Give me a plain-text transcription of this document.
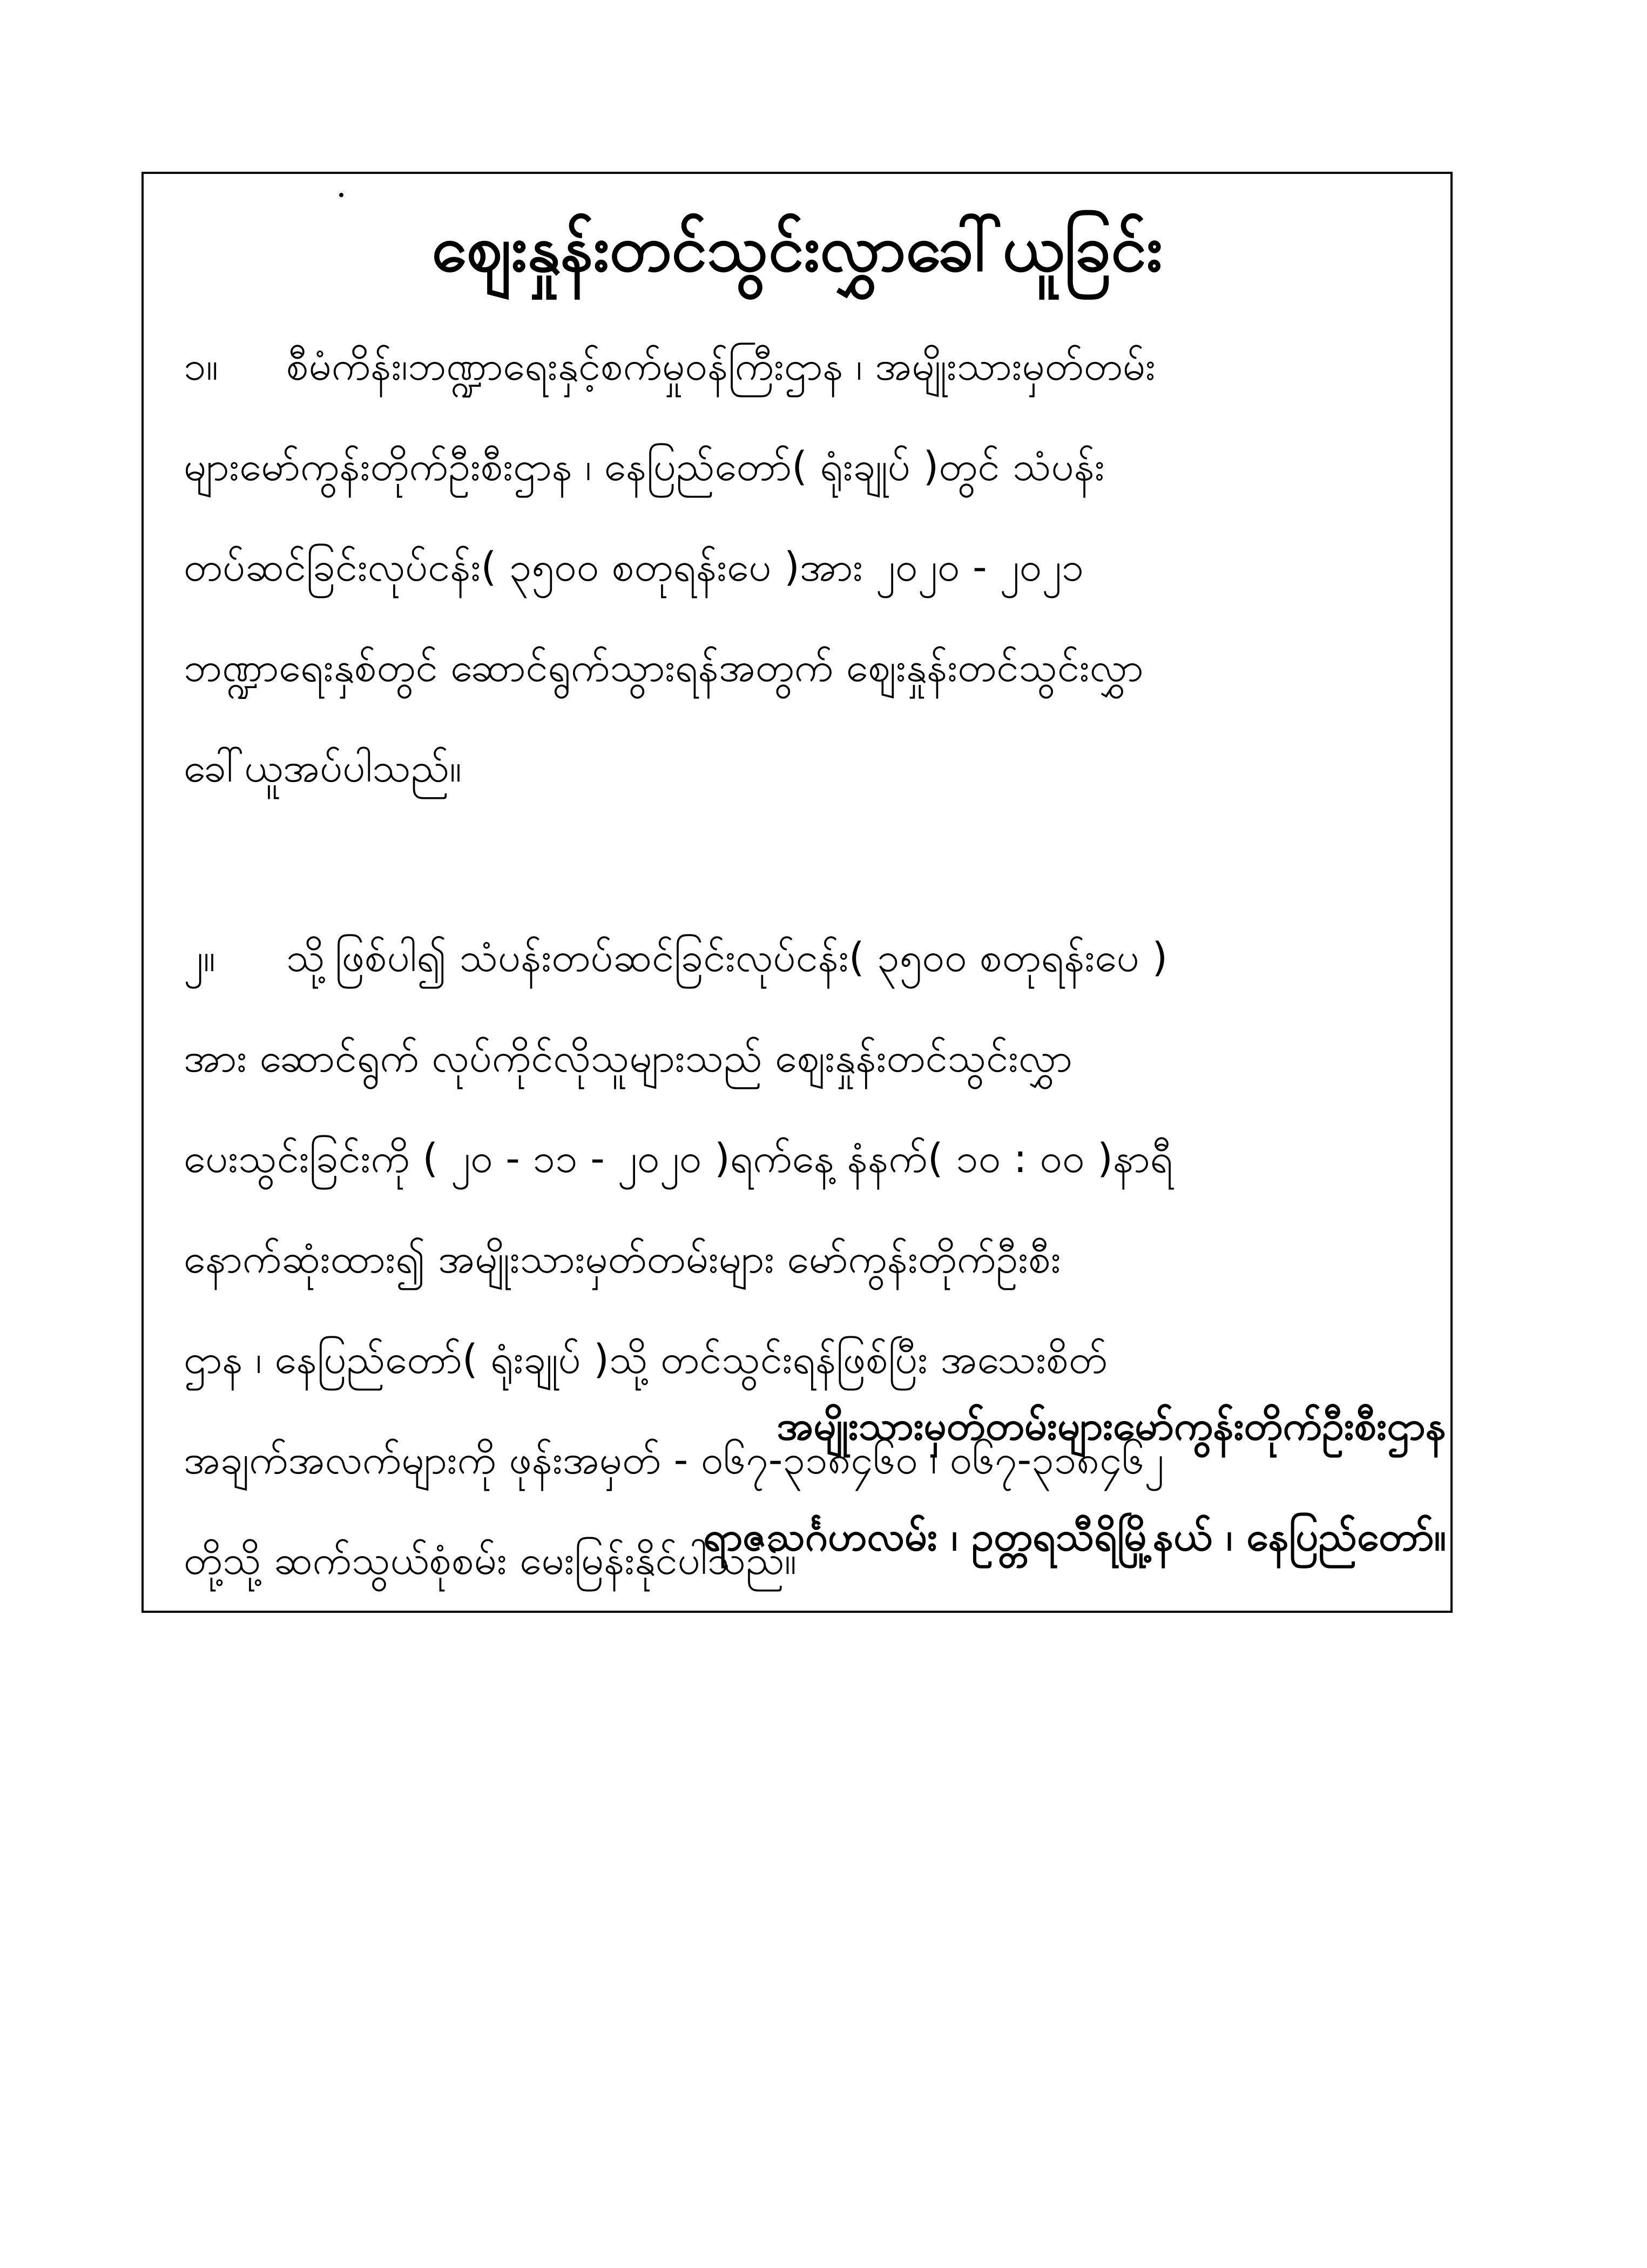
ဈေးနှုန်းတင်သွင်းလွှာခေါ်ယူခြင်း
၁။ စီမံကိန်း၊ဘဏ္ဍာရေးနှင့်စက်မှုဝန်ကြီးဌာန ၊ အမျိုးသားမှတ်တမ်း
များမော်ကွန်းတိုက်ဦးစီးဌာန ၊ နေပြည်တော်( ရုံးချုပ် )တွင် သံပန်း
တပ်ဆင်ခြင်းလုပ်ငန်း( ၃၅၀၀ စတုရန်းပေ )အား ၂၀၂၀ - ၂၀၂၁
ဘဏ္ဍာရေးနှစ်တွင် ဆောင်ရွက်သွားရန်အတွက် ဈေးနှုန်းတင်သွင်းလွှာ
ခေါ်ယူအပ်ပါသည်။
၂။ သို့ဖြစ်ပါ၍ သံပန်းတပ်ဆင်ခြင်းလုပ်ငန်း( ၃၅၀၀ စတုရန်းပေ )
အား ဆောင်ရွက် လုပ်ကိုင်လိုသူများသည် ဈေးနှုန်းတင်သွင်းလွှာ
ပေးသွင်းခြင်းကို ( ၂၀ - ၁၁ - ၂၀၂၀ )ရက်နေ့ နံနက်( ၁၀ : ၀၀ )နာရီ
နောက်ဆုံးထား၍ အမျိုးသားမှတ်တမ်းများ မော်ကွန်းတိုက်ဦးစီး
ဌာန ၊ နေပြည်တော်( ရုံးချုပ် )သို့ တင်သွင်းရန်ဖြစ်ပြီး အသေးစိတ်
အချက်အလက်များကို ဖုန်းအမှတ် - ၀၆၇-၃၁၈၄၆၀ ၊ ၀၆၇-၃၁၈၄၆၂
တို့သို့ ဆက်သွယ်စုံစမ်း မေးမြန်းနိုင်ပါသည်။
အမျိုးသားမှတ်တမ်းများမော်ကွန်းတိုက်ဦးစီးဌာန
ရာဇသင်္ဂဟလမ်း ၊ ဥတ္တရသီရိမြို့နယ် ၊ နေပြည်တော်။
